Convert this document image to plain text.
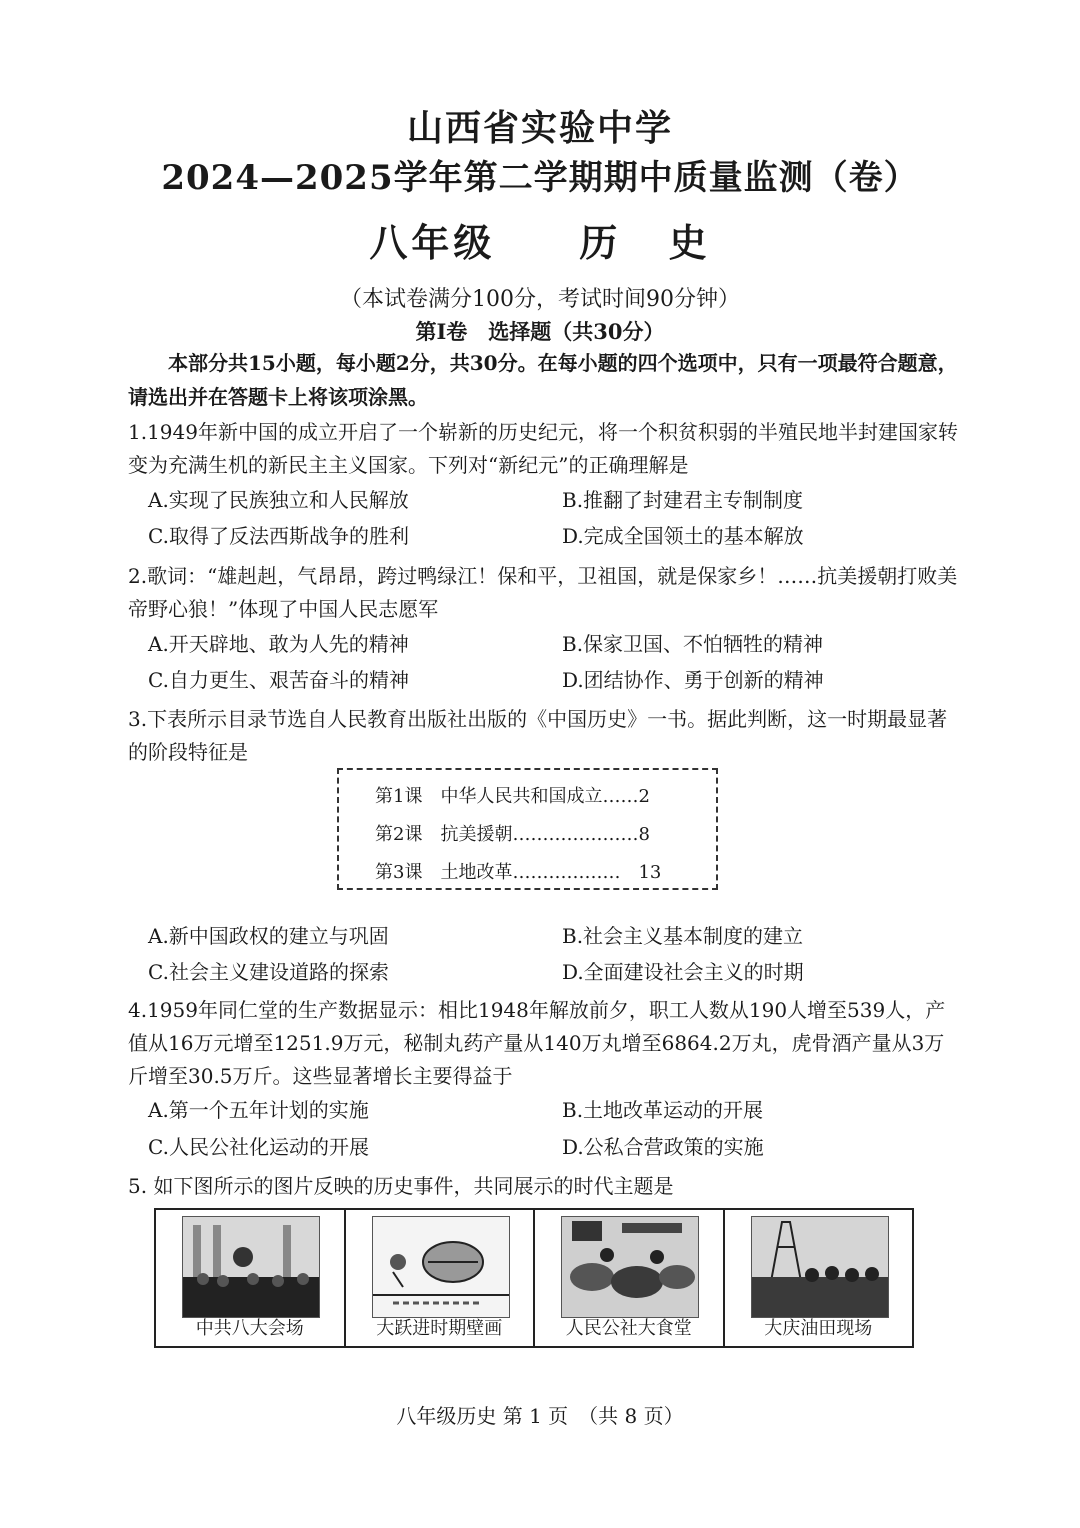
山西省实验中学
2024—2025学年第二学期期中质量监测（卷）
八年级　　历 史
（本试卷满分100分，考试时间90分钟）
第Ⅰ卷　选择题（共30分）
本部分共15小题，每小题2分，共30分。在每小题的四个选项中，只有一项最符合题意，请选出并在答题卡上将该项涂黑。
1.1949年新中国的成立开启了一个崭新的历史纪元，将一个积贫积弱的半殖民地半封建国家转变为充满生机的新民主主义国家。下列对“新纪元”的正确理解是
A.实现了民族独立和人民解放	B.推翻了封建君主专制制度
C.取得了反法西斯战争的胜利	D.完成全国领土的基本解放
2.歌词：“雄赳赳，气昂昂，跨过鸭绿江！保和平，卫祖国，就是保家乡！……抗美援朝打败美帝野心狼！”体现了中国人民志愿军
A.开天辟地、敢为人先的精神	B.保家卫国、不怕牺牲的精神
C.自力更生、艰苦奋斗的精神	D.团结协作、勇于创新的精神
3.下表所示目录节选自人民教育出版社出版的《中国历史》一书。据此判断，这一时期最显著的阶段特征是
第1课　中华人民共和国成立……2
第2课　抗美援朝…………………8
第3课　土地改革………………　13
A.新中国政权的建立与巩固	B.社会主义基本制度的建立
C.社会主义建设道路的探索	D.全面建设社会主义的时期
4.1959年同仁堂的生产数据显示：相比1948年解放前夕，职工人数从190人增至539人，产值从16万元增至1251.9万元，秘制丸药产量从140万丸增至6864.2万丸，虎骨酒产量从3万斤增至30.5万斤。这些显著增长主要得益于
A.第一个五年计划的实施	B.土地改革运动的开展
C.人民公社化运动的开展	D.公私合营政策的实施
5. 如下图所示的图片反映的历史事件，共同展示的时代主题是
中共八大会场	大跃进时期壁画	人民公社大食堂	大庆油田现场
八年级历史 第 1 页　（共 8 页）
